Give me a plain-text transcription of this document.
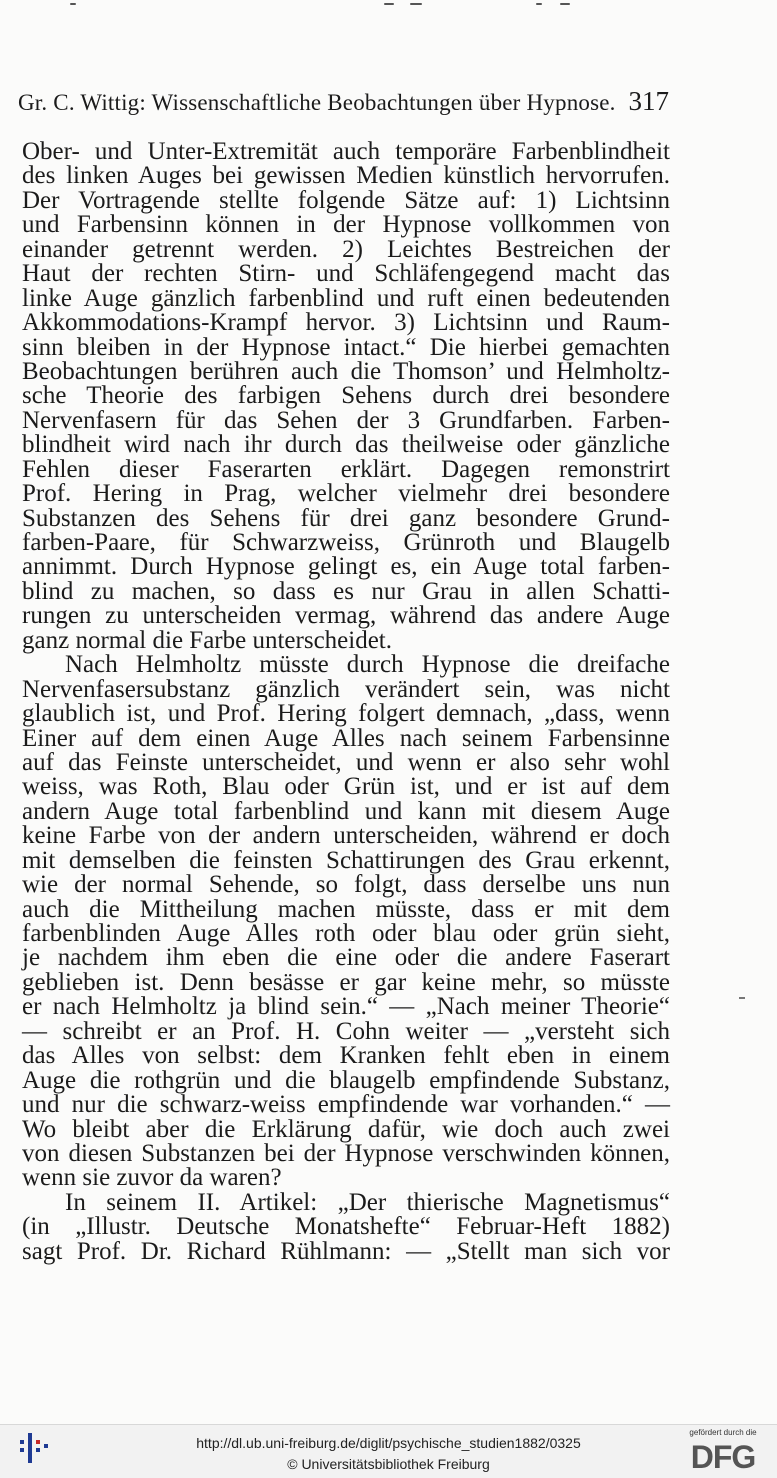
Gr. C. Wittig: Wissenschaftliche Beobachtungen über Hypnose. 317
Ober- und Unter-Extremität auch temporäre Farbenblindheit
des linken Auges bei gewissen Medien künstlich hervorrufen.
Der Vortragende stellte folgende Sätze auf: 1) Lichtsinn
und Farbensinn können in der Hypnose vollkommen von
einander getrennt werden. 2) Leichtes Bestreichen der
Haut der rechten Stirn- und Schläfengegend macht das
linke Auge gänzlich farbenblind und ruft einen bedeutenden
Akkommodations-Krampf hervor. 3) Lichtsinn und Raum-
sinn bleiben in der Hypnose intact.“ Die hierbei gemachten
Beobachtungen berühren auch die Thomson’ und Helmholtz-
sche Theorie des farbigen Sehens durch drei besondere
Nervenfasern für das Sehen der 3 Grundfarben. Farben-
blindheit wird nach ihr durch das theilweise oder gänzliche
Fehlen dieser Faserarten erklärt. Dagegen remonstrirt
Prof. Hering in Prag, welcher vielmehr drei besondere
Substanzen des Sehens für drei ganz besondere Grund-
farben-Paare, für Schwarzweiss, Grünroth und Blaugelb
annimmt. Durch Hypnose gelingt es, ein Auge total farben-
blind zu machen, so dass es nur Grau in allen Schatti-
rungen zu unterscheiden vermag, während das andere Auge
ganz normal die Farbe unterscheidet.
Nach Helmholtz müsste durch Hypnose die dreifache
Nervenfasersubstanz gänzlich verändert sein, was nicht
glaublich ist, und Prof. Hering folgert demnach, „dass, wenn
Einer auf dem einen Auge Alles nach seinem Farbensinne
auf das Feinste unterscheidet, und wenn er also sehr wohl
weiss, was Roth, Blau oder Grün ist, und er ist auf dem
andern Auge total farbenblind und kann mit diesem Auge
keine Farbe von der andern unterscheiden, während er doch
mit demselben die feinsten Schattirungen des Grau erkennt,
wie der normal Sehende, so folgt, dass derselbe uns nun
auch die Mittheilung machen müsste, dass er mit dem
farbenblinden Auge Alles roth oder blau oder grün sieht,
je nachdem ihm eben die eine oder die andere Faserart
geblieben ist. Denn besässe er gar keine mehr, so müsste
er nach Helmholtz ja blind sein.“ — „Nach meiner Theorie“
— schreibt er an Prof. H. Cohn weiter — „versteht sich
das Alles von selbst: dem Kranken fehlt eben in einem
Auge die rothgrün und die blaugelb empfindende Substanz,
und nur die schwarz-weiss empfindende war vorhanden.“ —
Wo bleibt aber die Erklärung dafür, wie doch auch zwei
von diesen Substanzen bei der Hypnose verschwinden können,
wenn sie zuvor da waren?
In seinem II. Artikel: „Der thierische Magnetismus“
(in „Illustr. Deutsche Monatshefte“ Februar-Heft 1882)
sagt Prof. Dr. Richard Rühlmann: — „Stellt man sich vor
http://dl.ub.uni-freiburg.de/diglit/psychische_studien1882/0325
© Universitätsbibliothek Freiburg
gefördert durch die
DFG
